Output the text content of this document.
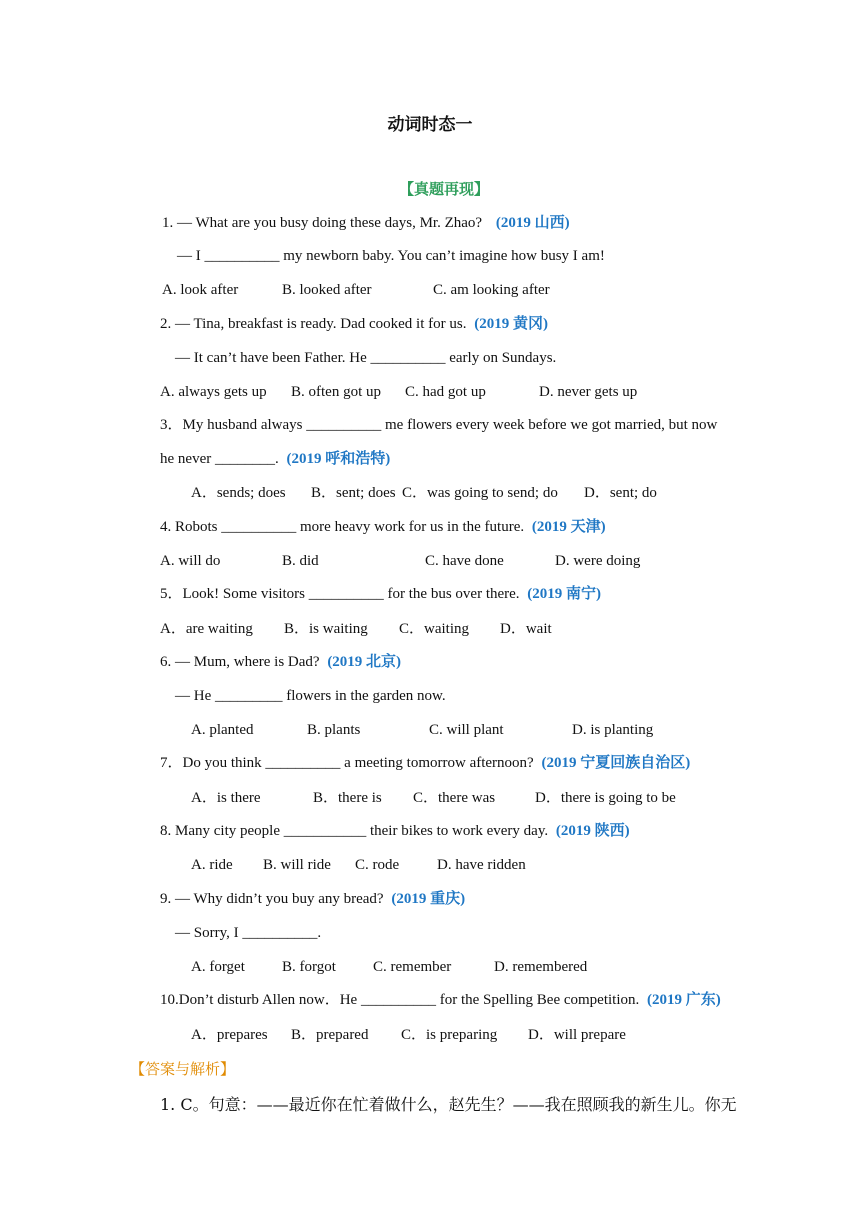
动词时态一
【真题再现】
1. — What are you busy doing these days, Mr. Zhao? (2019 山西)
— I __________ my newborn baby. You can’t imagine how busy I am!
A. look after	B. looked after	C. am looking after
2. — Tina, breakfast is ready. Dad cooked it for us. (2019 黄冈)
— It can’t have been Father. He __________ early on Sundays.
A. always gets up B. often got up C. had got up	D. never gets up
3．My husband always __________ me flowers every week before we got married, but now
he never ________. (2019 呼和浩特)
A．sends; does B．sent; does C．was going to send; do D．sent; do
4. Robots __________ more heavy work for us in the future. (2019 天津)
A. will do	B. did	C. have done	D. were doing
5．Look! Some visitors __________ for the bus over there. (2019 南宁)
A．are waiting B．is waiting C．waiting D．wait
6. — Mum, where is Dad? (2019 北京)
— He _________ flowers in the garden now.
A. planted	B. plants	C. will plant	D. is planting
7．Do you think __________ a meeting tomorrow afternoon? (2019 宁夏回族自治区)
A．is there	B．there is C．there was	D．there is going to be
8. Many city people ___________ their bikes to work every day. (2019 陕西)
A. ride B. will ride C. rode	D. have ridden
9. — Why didn’t you buy any bread? (2019 重庆)
— Sorry, I __________.
A. forget B. forgot C. remember	D. remembered
10.Don’t disturb Allen now．He __________ for the Spelling Bee competition. (2019 广东)
A．prepares B．prepared C．is preparing D．will prepare
【答案与解析】
1. C。句意：——最近你在忙着做什么，赵先生？——我在照顾我的新生儿。你无
